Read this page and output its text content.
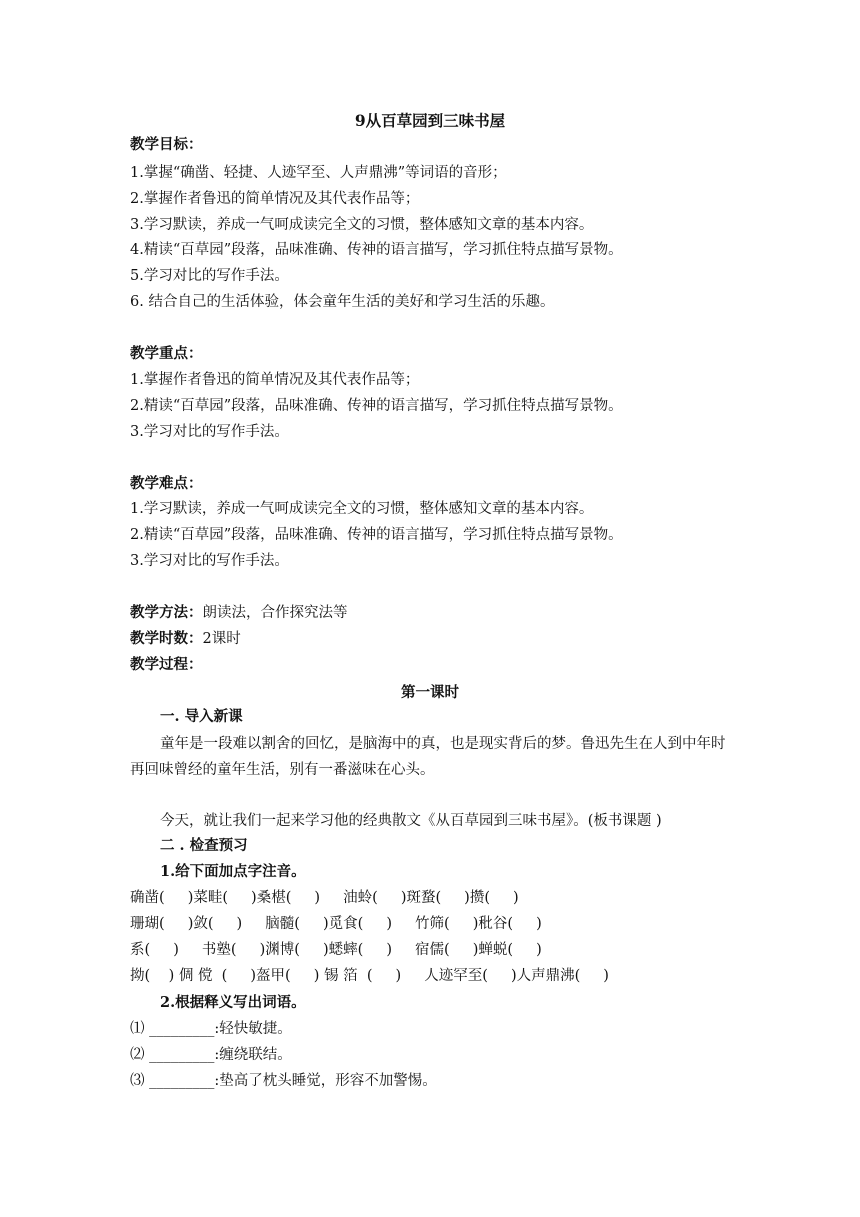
9从百草园到三味书屋
教学目标：
1.掌握“确凿、轻捷、人迹罕至、人声鼎沸”等词语的音形；
2.掌握作者鲁迅的简单情况及其代表作品等；
3.学习默读，养成一气呵成读完全文的习惯，整体感知文章的基本内容。
4.精读“百草园”段落，品味准确、传神的语言描写，学习抓住特点描写景物。
5.学习对比的写作手法。
6. 结合自己的生活体验，体会童年生活的美好和学习生活的乐趣。
教学重点：
1.掌握作者鲁迅的简单情况及其代表作品等；
2.精读“百草园”段落，品味准确、传神的语言描写，学习抓住特点描写景物。
3.学习对比的写作手法。
教学难点：
1.学习默读，养成一气呵成读完全文的习惯，整体感知文章的基本内容。
2.精读“百草园”段落，品味准确、传神的语言描写，学习抓住特点描写景物。
3.学习对比的写作手法。
教学方法：朗读法，合作探究法等
教学时数：2课时
教学过程：
第一课时
一. 导入新课
童年是一段难以割舍的回忆，是脑海中的真，也是现实背后的梦。鲁迅先生在人到中年时再回味曾经的童年生活，别有一番滋味在心头。
今天，就让我们一起来学习他的经典散文《从百草园到三味书屋》。(板书课题 )
二 . 检查预习
1.给下面加点字注音。
确凿(     )菜畦(     )桑椹(     )     油蛉(     )斑蝥(     )攒(     )
珊瑚(     )敛(     )     脑髓(     )觅食(     )     竹筛(     )秕谷(     )
系(     )     书塾(     )渊博(     )蟋蟀(     )     宿儒(     )蝉蜕(     )
拗(    ) 倜 傥  (     )盔甲(     ) 锡 箔  (     )     人迹罕至(     )人声鼎沸(     )
2.根据释义写出词语。
⑴ _________:轻快敏捷。
⑵ _________:缠绕联结。
⑶ _________:垫高了枕头睡觉，形容不加警惕。
